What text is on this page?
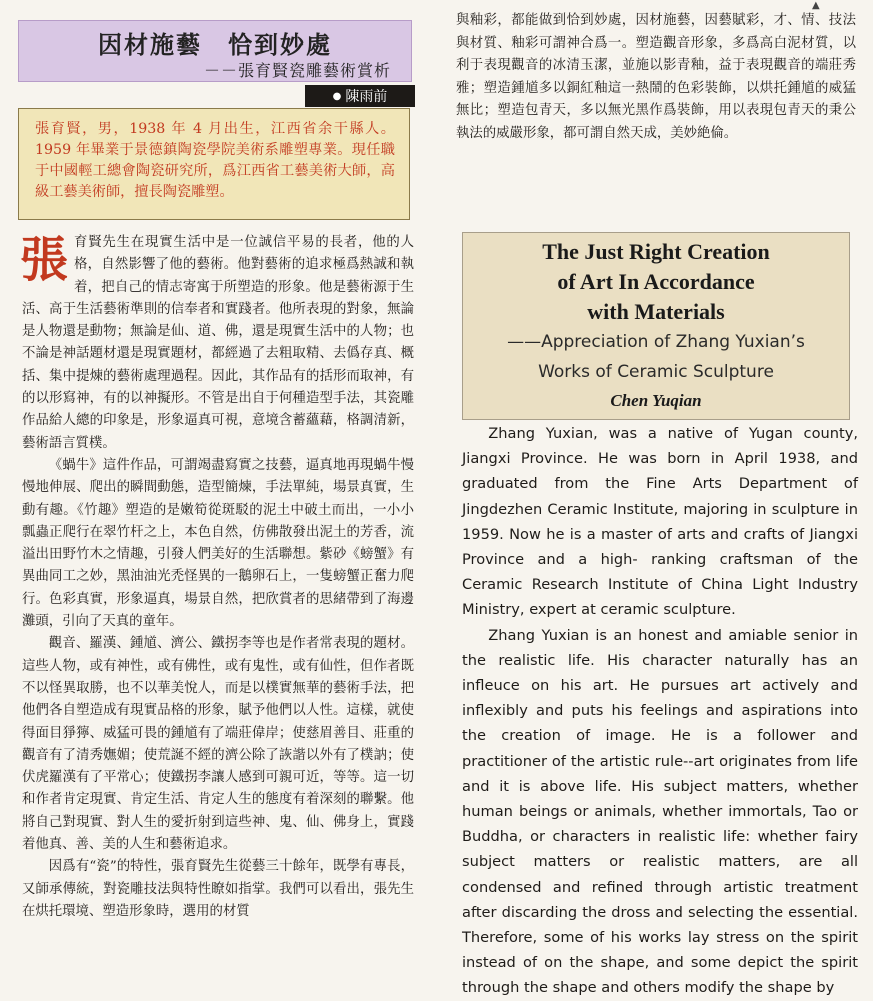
▲
因材施藝　恰到妙處
－－張育賢瓷雕藝術賞析
● 陳雨前
張育賢，男，1938 年 4 月出生，江西省余干縣人。1959 年畢業于景德鎮陶瓷學院美術系雕塑專業。現任職于中國輕工總會陶瓷研究所，爲江西省工藝美術大師，高級工藝美術師，擅長陶瓷雕塑。

張育賢先生在現實生活中是一位誠信平易的長者，他的人格，自然影響了他的藝術。他對藝術的追求極爲熱誠和執着，把自己的情志寄寓于所塑造的形象。他是藝術源于生活、高于生活藝術準則的信奉者和實踐者。他所表現的對象，無論是人物還是動物；無論是仙、道、佛，還是現實生活中的人物；也不論是神話題材還是現實題材，都經過了去粗取精、去僞存真、概括、集中提煉的藝術處理過程。因此，其作品有的括形而取神，有的以形寫神，有的以神擬形。不管是出自于何種造型手法，其瓷雕作品給人總的印象是，形象逼真可視，意境含蓄蘊藉，格調清新，藝術語言質樸。

《蝸牛》這件作品，可謂竭盡寫實之技藝，逼真地再現蝸牛慢慢地伸展、爬出的瞬間動態，造型簡煉，手法單純，場景真實，生動有趣。《竹趣》塑造的是嫩筍從斑駁的泥土中破土而出，一小小瓢蟲正爬行在翠竹杆之上，本色自然，仿佛散發出泥土的芳香，流溢出田野竹木之情趣，引發人們美好的生活聯想。紫砂《螃蟹》有異曲同工之妙，黑油油光禿怪異的一鵝卵石上，一隻螃蟹正奮力爬行。色彩真實，形象逼真，場景自然，把欣賞者的思緒帶到了海邊灘頭，引向了天真的童年。

觀音、羅漢、鍾馗、濟公、鐵拐李等也是作者常表現的題材。這些人物，或有神性，或有佛性，或有鬼性，或有仙性，但作者既不以怪異取勝，也不以華美悅人，而是以樸實無華的藝術手法，把他們各自塑造成有現實品格的形象，賦予他們以人性。這樣，就使得面目猙獰、威猛可畏的鍾馗有了端莊偉岸；使慈眉善目、莊重的觀音有了清秀嫵媚；使荒誕不經的濟公除了詼諧以外有了樸訥；使伏虎羅漢有了平常心；使鐵拐李讓人感到可親可近，等等。這一切和作者肯定現實、肯定生活、肯定人生的態度有着深刻的聯繫。他將自己對現實、對人生的愛折射到這些神、鬼、仙、佛身上，實踐着他真、善、美的人生和藝術追求。

因爲有“瓷”的特性，張育賢先生從藝三十餘年，既學有專長，又師承傳統，對瓷雕技法與特性瞭如指掌。我們可以看出，張先生在烘托環境、塑造形象時，選用的材質

與釉彩，都能做到恰到妙處，因材施藝，因藝賦彩，才、情、技法與材質、釉彩可謂神合爲一。塑造觀音形象，多爲高白泥材質，以利于表現觀音的冰清玉潔，並施以影青釉，益于表現觀音的端莊秀雅；塑造鍾馗多以銅紅釉這一熱鬧的色彩裝飾，以烘托鍾馗的威猛無比；塑造包青天，多以無光黑作爲裝飾，用以表現包青天的秉公執法的威嚴形象，都可謂自然天成，美妙絶倫。

The Just Right Creation

of Art In Accordance

with Materials

——Appreciation of Zhang Yuxian’s

Works of Ceramic Sculpture

Chen Yuqian

Zhang Yuxian, was a native of Yugan county, Jiangxi Province. He was born in April 1938, and graduated from the Fine Arts Department of Jingdezhen Ceramic Institute, majoring in sculpture in 1959. Now he is a master of arts and crafts of Jiangxi Province and a high- ranking craftsman of the Ceramic Research Institute of China Light Industry Ministry, expert at ceramic sculpture.

Zhang Yuxian is an honest and amiable senior in the realistic life. His character naturally has an infleuce on his art. He pursues art actively and inflexibly and puts his feelings and aspirations into the creation of image. He is a follower and practitioner of the artistic rule--art originates from life and it is above life. His subject matters, whether human beings or animals, whether immortals, Tao or Buddha, or characters in realistic life: whether fairy subject matters or realistic matters, are all condensed and refined through artistic treatment after discarding the dross and selecting the essential. Therefore, some of his works lay stress on the spirit instead of on the shape, and some depict the spirit through the shape and others modify the shape by
